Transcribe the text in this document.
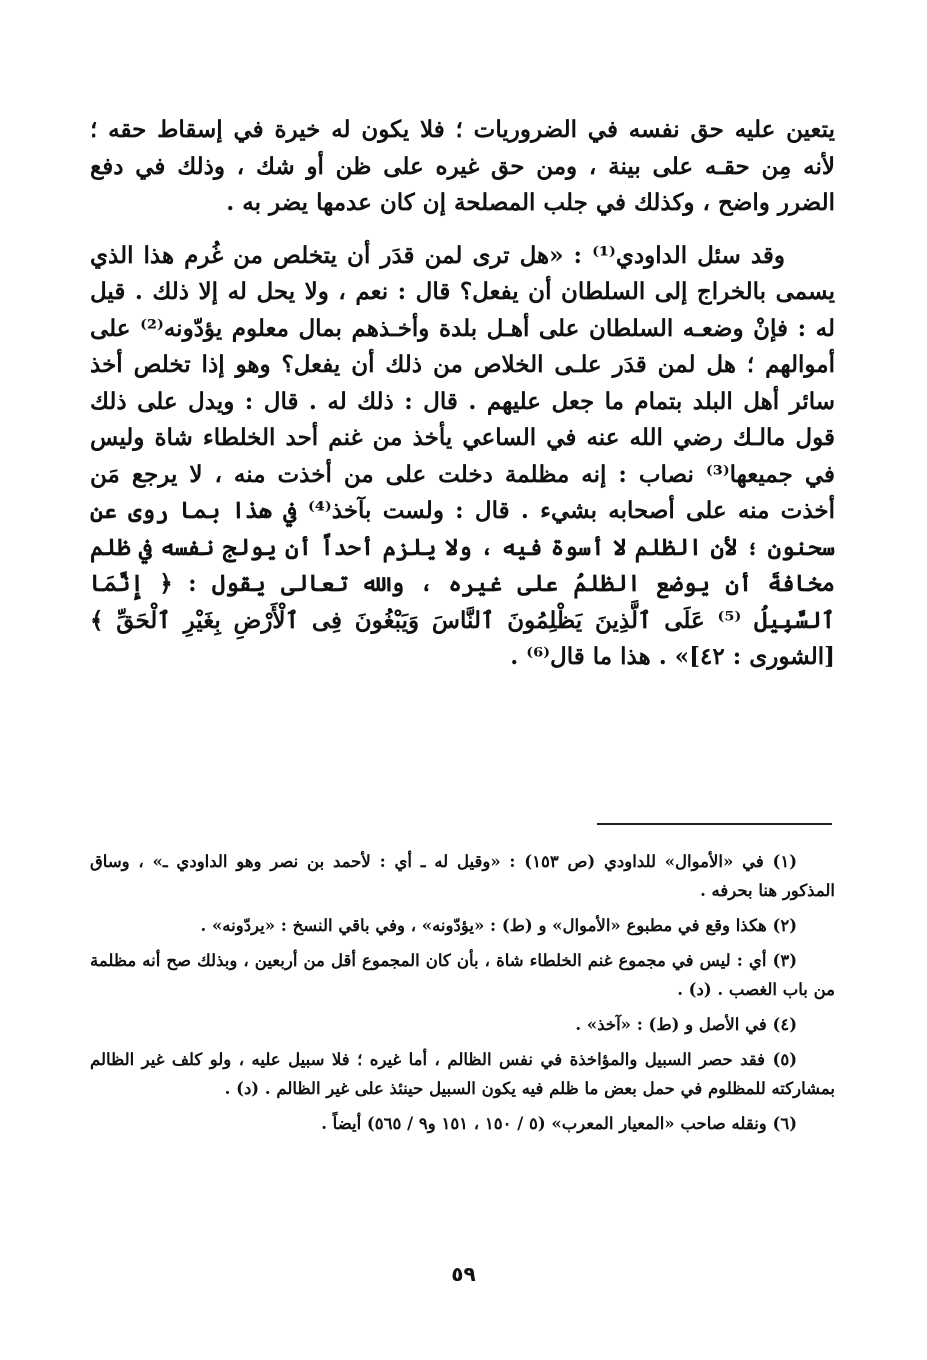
يتعين عليه حق نفسه في الضروريات ؛ فلا يكون له خيرة في إسقاط حقه ؛ لأنه مِن حقـه على بينة ، ومن حق غيره على ظن أو شك ، وذلك في دفع الضرر واضح ، وكذلك في جلب المصلحة إن كان عدمها يضر به .

وقد سئل الداودي⁽¹⁾ : «هل ترى لمن قدَر أن يتخلص من غُرم هذا الذي يسمى بالخراج إلى السلطان أن يفعل؟ قال : نعم ، ولا يحل له إلا ذلك . قيل له : فإنْ وضعـه السلطان على أهـل بلدة وأخـذهم بمال معلوم يؤدّونه⁽²⁾ على أموالهم ؛ هل لمن قدَر علـى الخلاص من ذلك أن يفعل؟ وهو إذا تخلص أخذ سائر أهل البلد بتمام ما جعل عليهم . قال : ذلك له . قال : ويدل على ذلك قول مالـك رضي الله عنه في الساعي يأخذ من غنم أحد الخلطاء شاة وليس في جميعها⁽³⁾ نصاب : إنه مظلمة دخلت على من أخذت منه ، لا يرجع مَن أخذت منه على أصحابه بشيء . قال : ولست بآخذ⁽⁴⁾ في هذا بما روى عن سحنون ؛ لأن الظلم لا أسوة فيه ، ولا يلزم أحداً أن يولج نفسه في ظلم مخافةَ أن يوضع الظلمُ على غيره ، والله تعالى يقول : ﴿ إِنَّمَا ٱلسَّبِيلُ ⁽⁵⁾ عَلَى ٱلَّذِينَ يَظْلِمُونَ ٱلنَّاسَ وَيَبْغُونَ فِى ٱلْأَرْضِ بِغَيْرِ ٱلْحَقِّ ﴾ [الشورى : ٤٢]» . هذا ما قال⁽⁶⁾ .

(١) في «الأموال» للداودي (ص ١٥٣) : «وقيل له ـ أي : لأحمد بن نصر وهو الداودي ـ» ، وساق المذكور هنا بحرفه .

(٢) هكذا وقع في مطبوع «الأموال» و (ط) : «يؤدّونه» ، وفي باقي النسخ : «يردّونه» .

(٣) أي : ليس في مجموع غنم الخلطاء شاة ، بأن كان المجموع أقل من أربعين ، وبذلك صح أنه مظلمة من باب الغصب . (د) .

(٤) في الأصل و (ط) : «آخذ» .

(٥) فقد حصر السبيل والمؤاخذة في نفس الظالم ، أما غيره ؛ فلا سبيل عليه ، ولو كلف غير الظالم بمشاركته للمظلوم في حمل بعض ما ظلم فيه يكون السبيل حينئذ على غير الظالم . (د) .

(٦) ونقله صاحب «المعيار المعرب» (٥ / ١٥٠ ، ١٥١ و٩ / ٥٦٥) أيضاً .

٥٩
